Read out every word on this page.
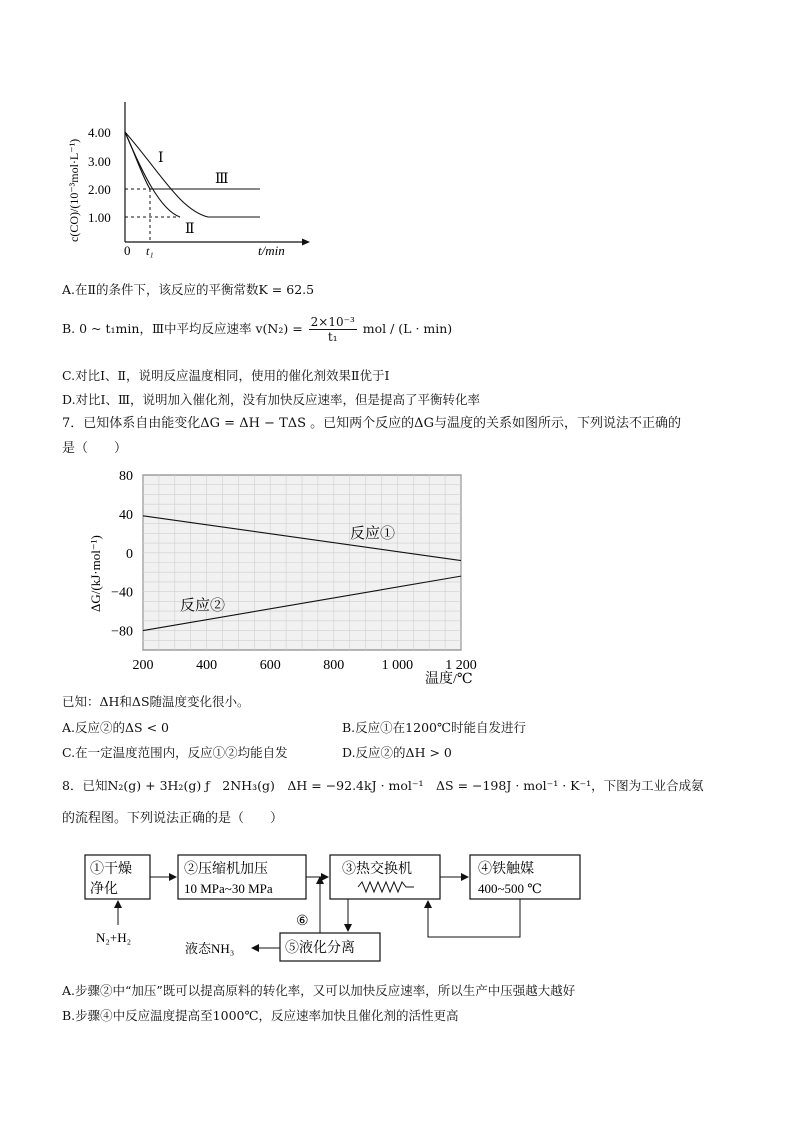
c(CO)/(10⁻³mol·L⁻¹)
4.00
3.00
2.00
1.00
0 t₁	t/min
Ⅰ
Ⅱ
Ⅲ
A.在Ⅱ的条件下，该反应的平衡常数K = 62.5
B. 0 ~ t₁min，Ⅲ中平均反应速率 $v(N_2) = \frac{\text{2×10⁻³}}{\text{t₁}}$ mol / (L · min)
C.对比Ⅰ、Ⅱ，说明反应温度相同，使用的催化剂效果Ⅱ优于Ⅰ
D.对比Ⅰ、Ⅲ，说明加入催化剂，没有加快反应速率，但是提高了平衡转化率
7．已知体系自由能变化ΔG = ΔH − TΔS 。已知两个反应的ΔG与温度的关系如图所示，下列说法不正确的
是（　　）
80
40
0
−40
−80
200	400	600	800	1 000 1 200
ΔG/(kJ·mol⁻¹)
温度/℃
反应①
反应②
已知：ΔH和ΔS随温度变化很小。
A.反应②的ΔS < 0	B.反应①在1200℃时能自发进行
C.在一定温度范围内，反应①②均能自发	D.反应②的ΔH > 0
8．已知N₂(g) + 3H₂(g) ƒ　2NH₃(g)　ΔH = −92.4kJ · mol⁻¹　ΔS = −198J · mol⁻¹ · K⁻¹，下图为工业合成氨
的流程图。下列说法正确的是（　　）
①干燥
净化
②压缩机加压
10 MPa~30 MPa
③热交换机	④铁触媒
400~500 ℃
⑤液化分离
N₂+H₂
⑥
液态NH₃
A.步骤②中“加压”既可以提高原料的转化率，又可以加快反应速率，所以生产中压强越大越好
B.步骤④中反应温度提高至1000℃，反应速率加快且催化剂的活性更高
